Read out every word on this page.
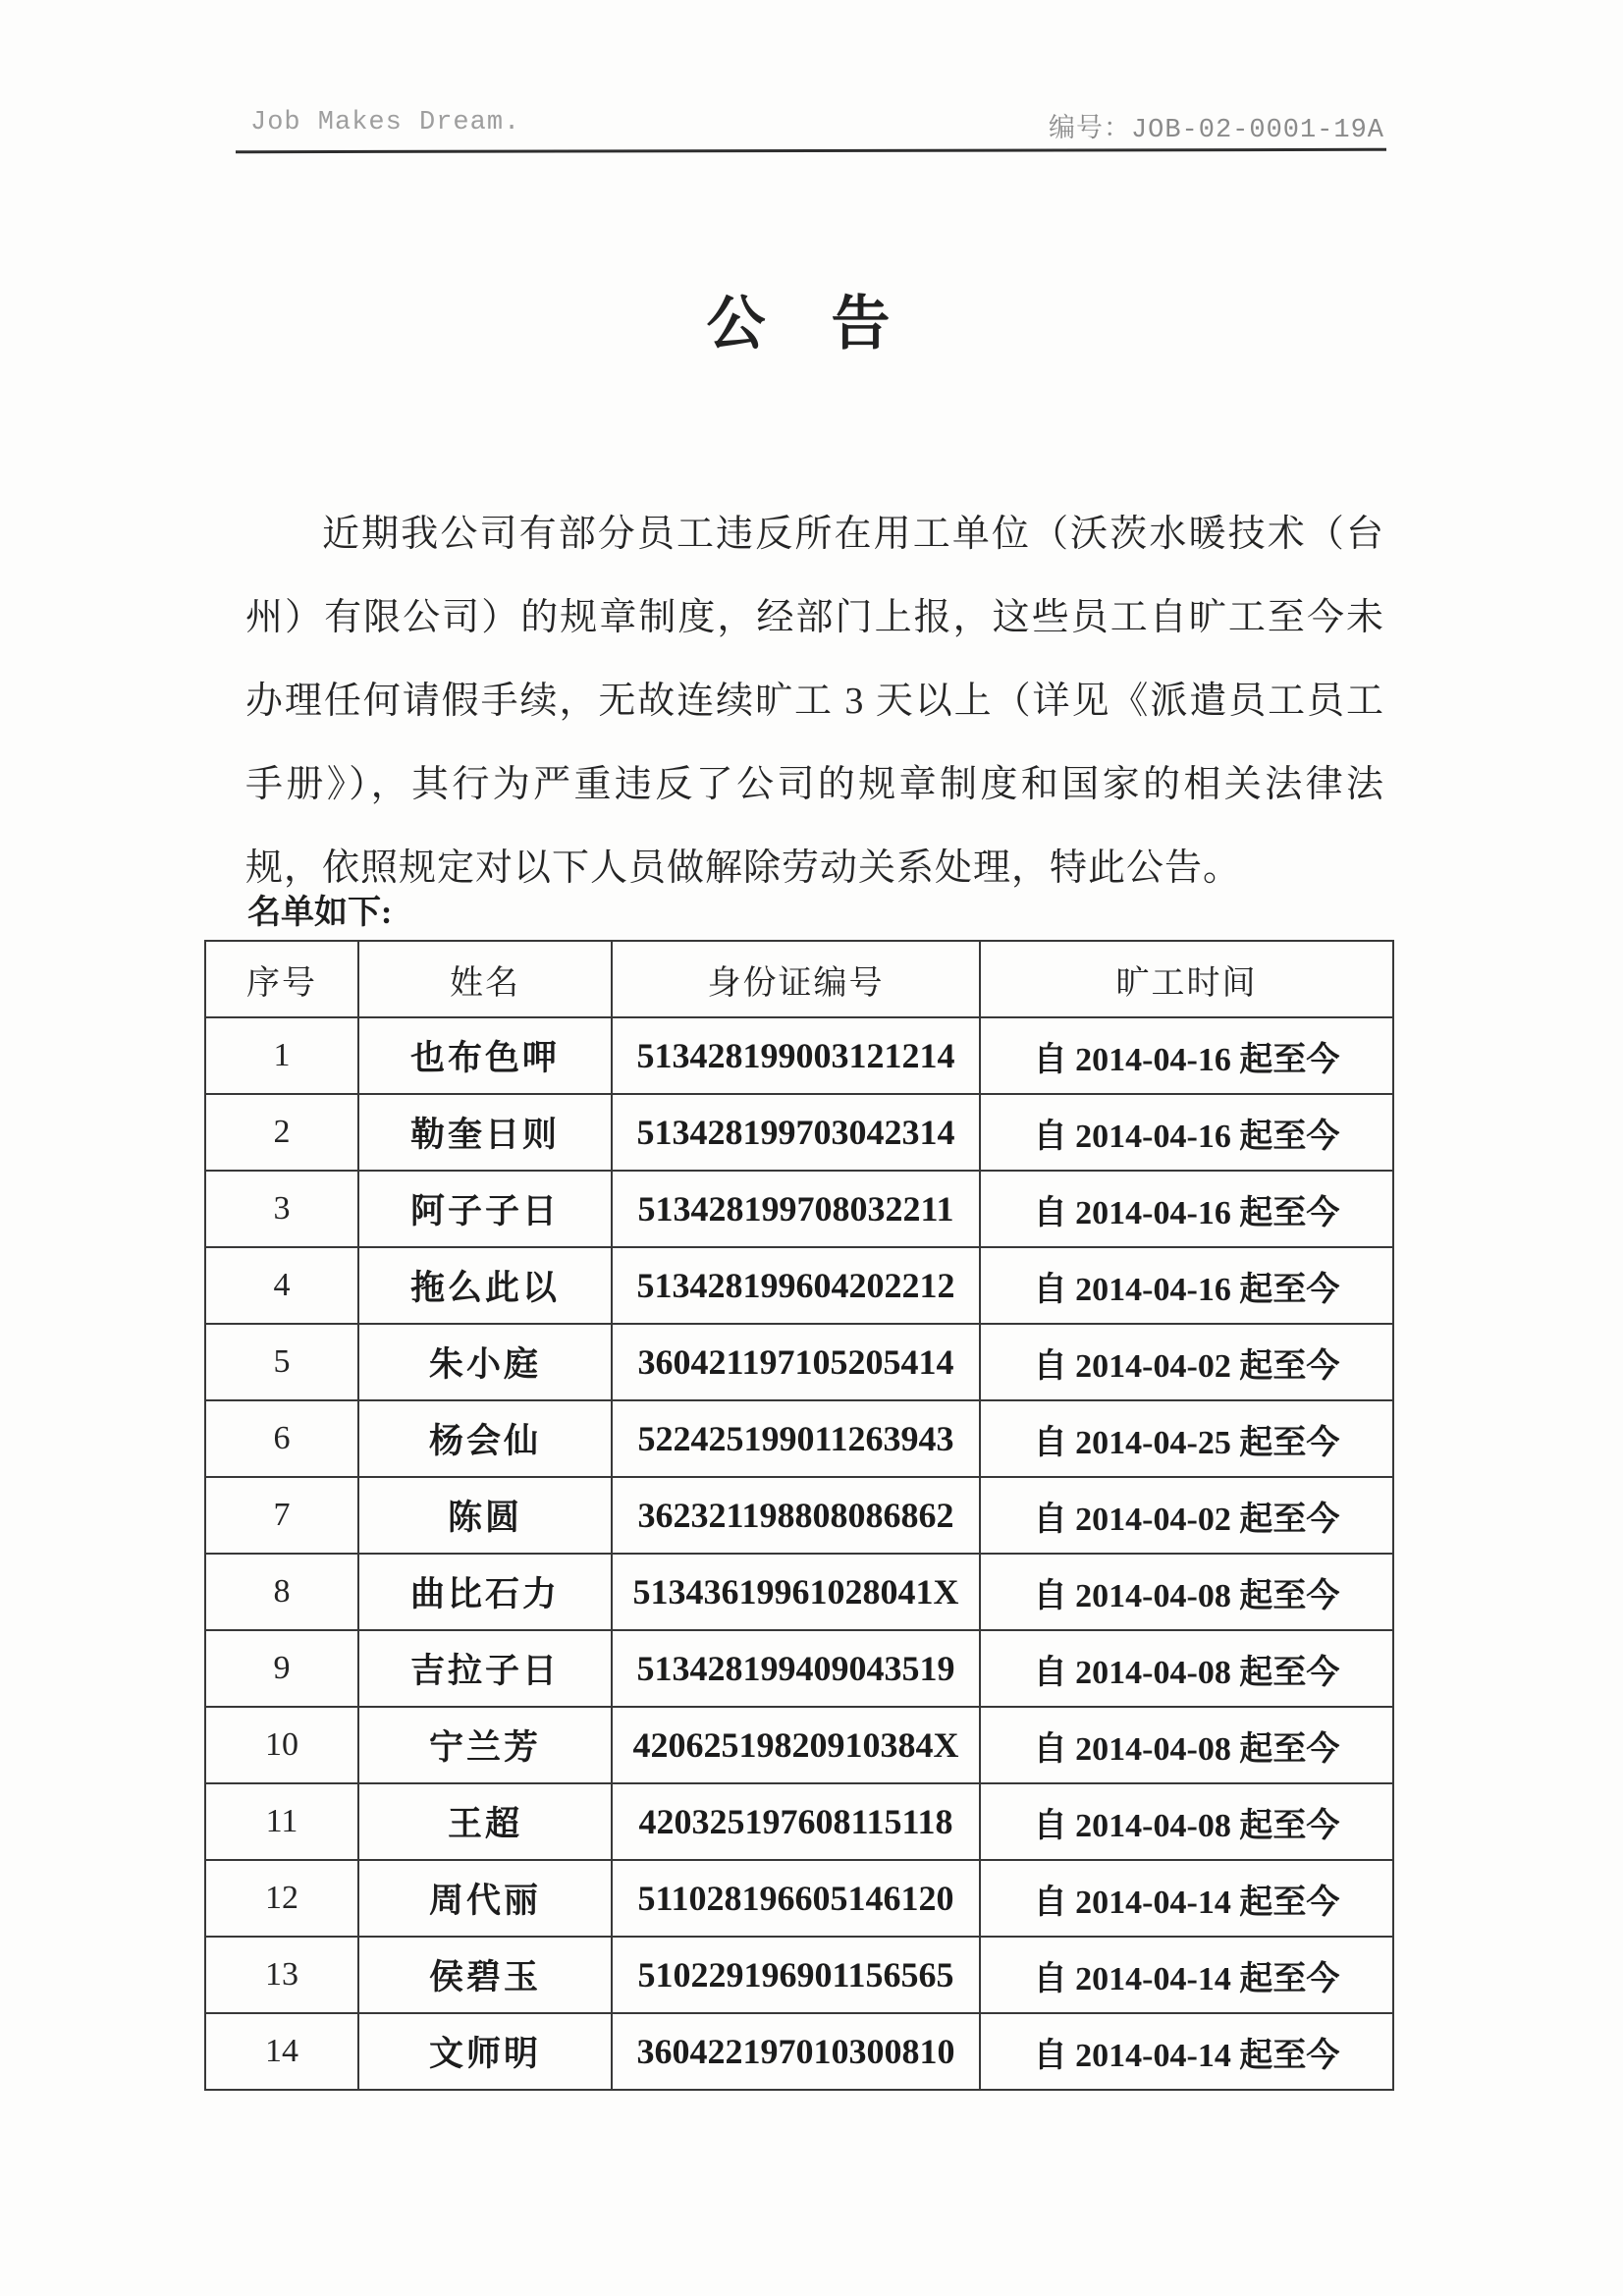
Job Makes Dream.	编号：JOB-02-0001-19A
公 告

近期我公司有部分员工违反所在用工单位（沃茨水暖技术（台州）有限公司）的规章制度，经部门上报，这些员工自旷工至今未办理任何请假手续，无故连续旷工 3 天以上（详见《派遣员工员工手册》），其行为严重违反了公司的规章制度和国家的相关法律法规，依照规定对以下人员做解除劳动关系处理，特此公告。

名单如下:
序号	姓名	身份证编号	旷工时间
1	也布色呷	513428199003121214	自 2014-04-16 起至今
2	勒奎日则	513428199703042314	自 2014-04-16 起至今
3	阿子子日	513428199708032211	自 2014-04-16 起至今
4	拖么此以	513428199604202212	自 2014-04-16 起至今
5	朱小庭	360421197105205414	自 2014-04-02 起至今
6	杨会仙	522425199011263943	自 2014-04-25 起至今
7	陈圆	362321198808086862	自 2014-04-02 起至今
8	曲比石力	51343619961028041X	自 2014-04-08 起至今
9	吉拉子日	513428199409043519	自 2014-04-08 起至今
10	宁兰芳	42062519820910384X	自 2014-04-08 起至今
11	王超	420325197608115118	自 2014-04-08 起至今
12	周代丽	511028196605146120	自 2014-04-14 起至今
13	侯碧玉	510229196901156565	自 2014-04-14 起至今
14	文师明	360422197010300810	自 2014-04-14 起至今
